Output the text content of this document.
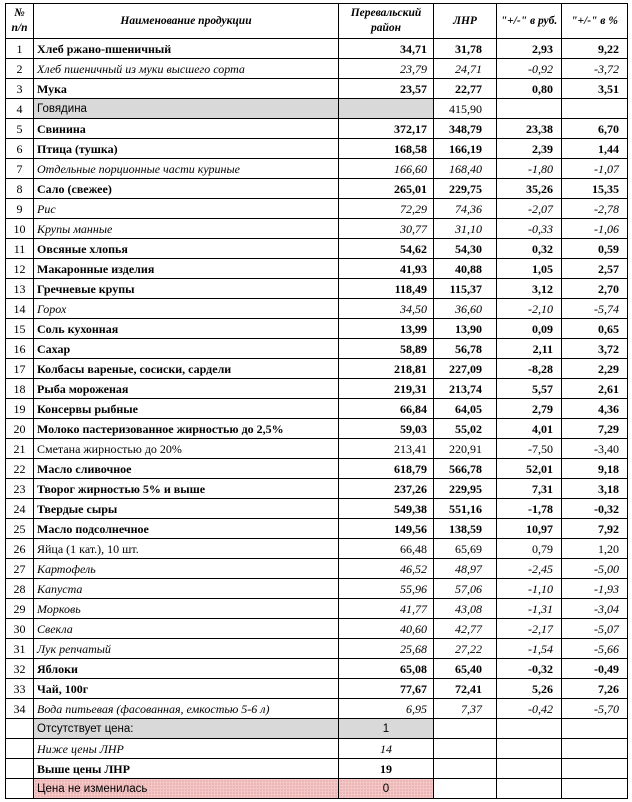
№ п/п	Наименование продукции	Перевальский район	ЛНР	"+/-" в руб.	"+/-" в %
1	Хлеб ржано-пшеничный	34,71	31,78	2,93	9,22
2	Хлеб пшеничный из муки высшего сорта	23,79	24,71	-0,92	-3,72
3	Мука	23,57	22,77	0,80	3,51
4	Говядина		415,90		
5	Свинина	372,17	348,79	23,38	6,70
6	Птица (тушка)	168,58	166,19	2,39	1,44
7	Отдельные порционные части куриные	166,60	168,40	-1,80	-1,07
8	Сало (свежее)	265,01	229,75	35,26	15,35
9	Рис	72,29	74,36	-2,07	-2,78
10	Крупы манные	30,77	31,10	-0,33	-1,06
11	Овсяные хлопья	54,62	54,30	0,32	0,59
12	Макаронные изделия	41,93	40,88	1,05	2,57
13	Гречневые крупы	118,49	115,37	3,12	2,70
14	Горох	34,50	36,60	-2,10	-5,74
15	Соль кухонная	13,99	13,90	0,09	0,65
16	Сахар	58,89	56,78	2,11	3,72
17	Колбасы вареные, сосиски, сардели	218,81	227,09	-8,28	2,29
18	Рыба мороженая	219,31	213,74	5,57	2,61
19	Консервы рыбные	66,84	64,05	2,79	4,36
20	Молоко пастеризованное жирностью до 2,5%	59,03	55,02	4,01	7,29
21	Сметана жирностью до 20%	213,41	220,91	-7,50	-3,40
22	Масло сливочное	618,79	566,78	52,01	9,18
23	Творог жирностью 5% и выше	237,26	229,95	7,31	3,18
24	Твердые сыры	549,38	551,16	-1,78	-0,32
25	Масло подсолнечное	149,56	138,59	10,97	7,92
26	Яйца (1 кат.), 10 шт.	66,48	65,69	0,79	1,20
27	Картофель	46,52	48,97	-2,45	-5,00
28	Капуста	55,96	57,06	-1,10	-1,93
29	Морковь	41,77	43,08	-1,31	-3,04
30	Свекла	40,60	42,77	-2,17	-5,07
31	Лук репчатый	25,68	27,22	-1,54	-5,66
32	Яблоки	65,08	65,40	-0,32	-0,49
33	Чай, 100г	77,67	72,41	5,26	7,26
34	Вода питьевая (фасованная, емкостью 5-6 л)	6,95	7,37	-0,42	-5,70
	Отсутствует цена:	1			
	Ниже цены ЛНР	14			
	Выше цены ЛНР	19			
	Цена не изменилась	0			
